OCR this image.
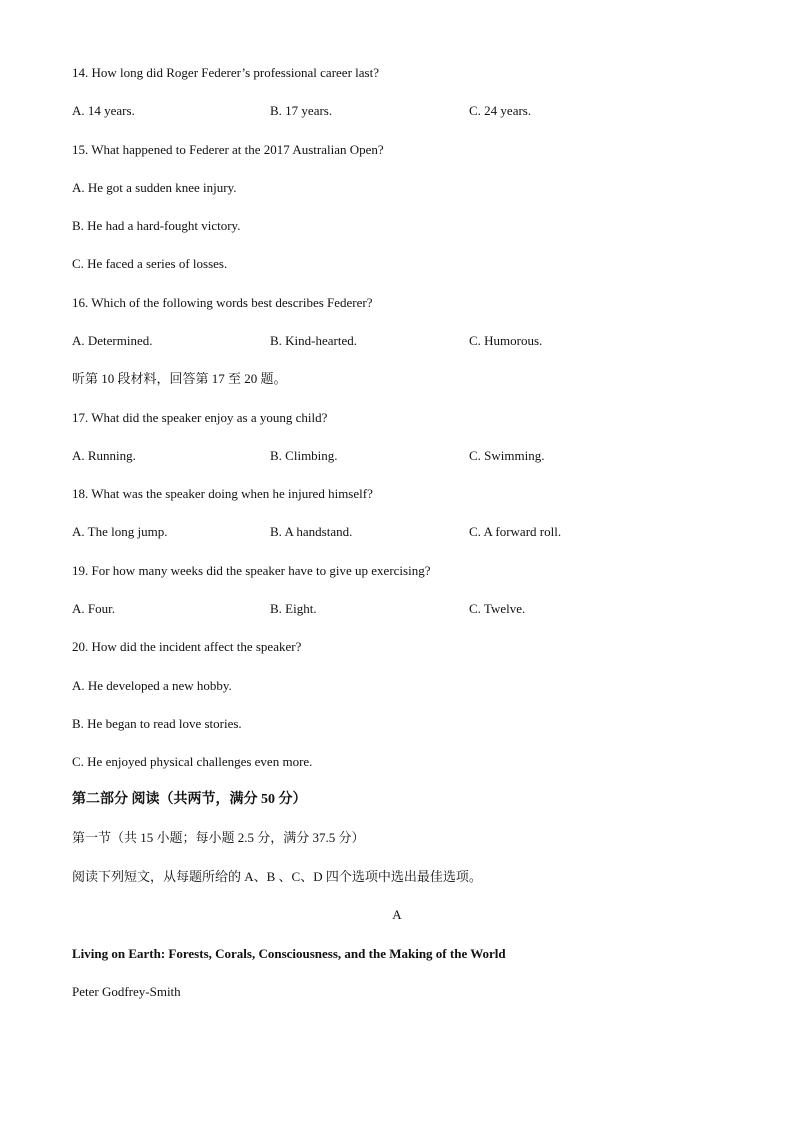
14. How long did Roger Federer’s professional career last?
A. 14 years.	B. 17 years.	C. 24 years.
15. What happened to Federer at the 2017 Australian Open?
A. He got a sudden knee injury.
B. He had a hard-fought victory.
C. He faced a series of losses.
16. Which of the following words best describes Federer?
A. Determined.	B. Kind-hearted.	C. Humorous.
听第 10 段材料，回答第 17 至 20 题。
17. What did the speaker enjoy as a young child?
A. Running.	B. Climbing.	C. Swimming.
18. What was the speaker doing when he injured himself?
A. The long jump.	B. A handstand.	C. A forward roll.
19. For how many weeks did the speaker have to give up exercising?
A. Four.	B. Eight.	C. Twelve.
20. How did the incident affect the speaker?
A. He developed a new hobby.
B. He began to read love stories.
C. He enjoyed physical challenges even more.
第二部分 阅读（共两节，满分 50 分）
第一节（共 15 小题；每小题 2.5 分，满分 37.5 分）
阅读下列短文，从每题所给的 A、B 、C、D 四个选项中选出最佳选项。
A
Living on Earth: Forests, Corals, Consciousness, and the Making of the World
Peter Godfrey-Smith
